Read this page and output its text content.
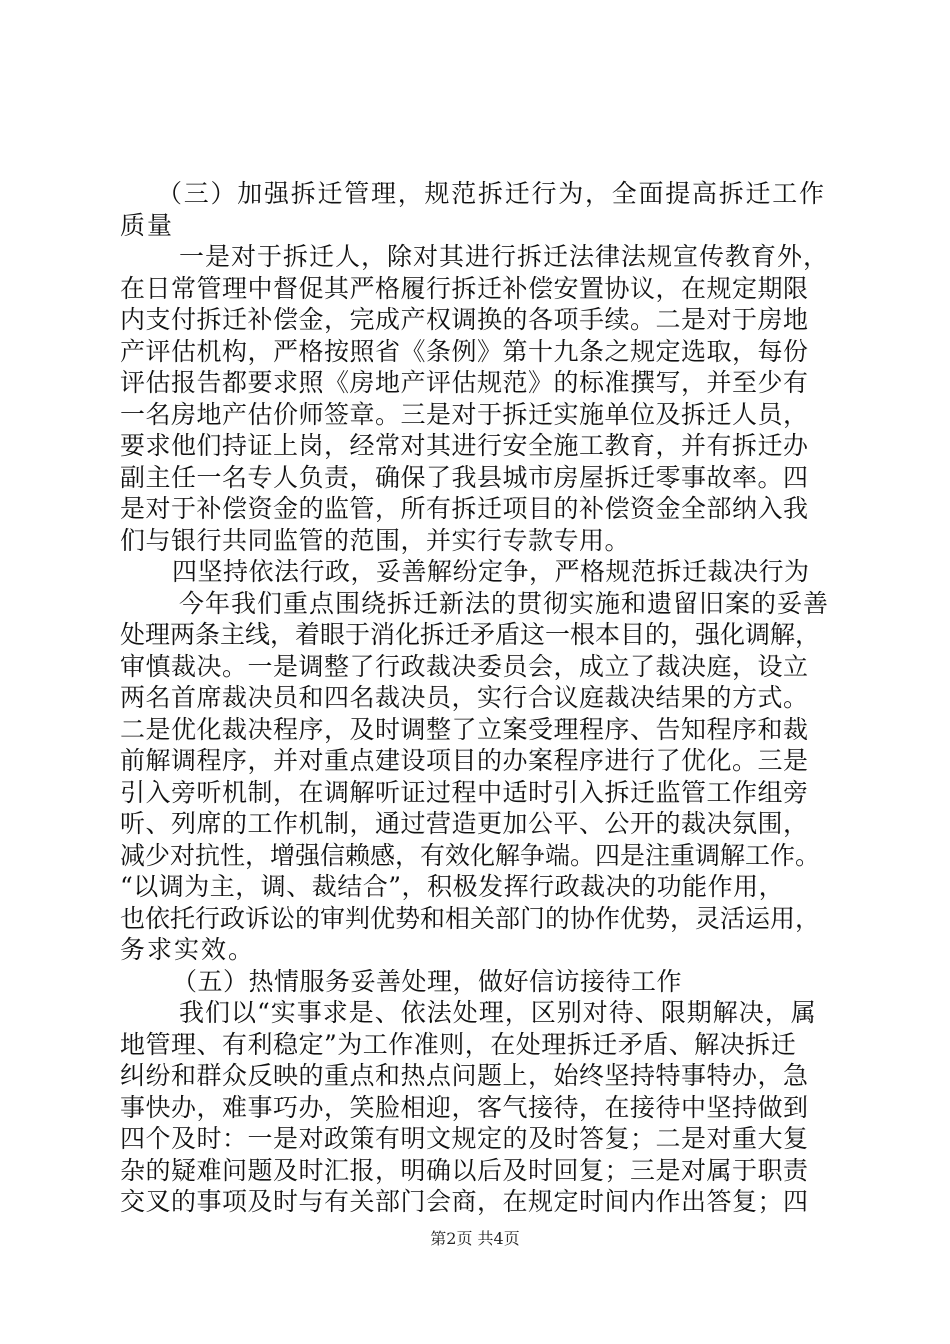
（三）加强拆迁管理，规范拆迁行为，全面提高拆迁工作
质量
一是对于拆迁人，除对其进行拆迁法律法规宣传教育外，
在日常管理中督促其严格履行拆迁补偿安置协议，在规定期限
内支付拆迁补偿金，完成产权调换的各项手续。二是对于房地
产评估机构，严格按照省《条例》第十九条之规定选取，每份
评估报告都要求照《房地产评估规范》的标准撰写，并至少有
一名房地产估价师签章。三是对于拆迁实施单位及拆迁人员，
要求他们持证上岗，经常对其进行安全施工教育，并有拆迁办
副主任一名专人负责，确保了我县城市房屋拆迁零事故率。四
是对于补偿资金的监管，所有拆迁项目的补偿资金全部纳入我
们与银行共同监管的范围，并实行专款专用。
四坚持依法行政，妥善解纷定争，严格规范拆迁裁决行为
今年我们重点围绕拆迁新法的贯彻实施和遗留旧案的妥善
处理两条主线，着眼于消化拆迁矛盾这一根本目的，强化调解，
审慎裁决。一是调整了行政裁决委员会，成立了裁决庭，设立
两名首席裁决员和四名裁决员，实行合议庭裁决结果的方式。
二是优化裁决程序，及时调整了立案受理程序、告知程序和裁
前解调程序，并对重点建设项目的办案程序进行了优化。三是
引入旁听机制，在调解听证过程中适时引入拆迁监管工作组旁
听、列席的工作机制，通过营造更加公平、公开的裁决氛围，
减少对抗性，增强信赖感，有效化解争端。四是注重调解工作。
“以调为主，调、裁结合”，积极发挥行政裁决的功能作用，
也依托行政诉讼的审判优势和相关部门的协作优势，灵活运用，
务求实效。
（五）热情服务妥善处理，做好信访接待工作
我们以“实事求是、依法处理，区别对待、限期解决，属
地管理、有利稳定”为工作准则，在处理拆迁矛盾、解决拆迁
纠纷和群众反映的重点和热点问题上，始终坚持特事特办，急
事快办，难事巧办，笑脸相迎，客气接待，在接待中坚持做到
四个及时：一是对政策有明文规定的及时答复；二是对重大复
杂的疑难问题及时汇报，明确以后及时回复；三是对属于职责
交叉的事项及时与有关部门会商，在规定时间内作出答复；四
第2页 共4页
